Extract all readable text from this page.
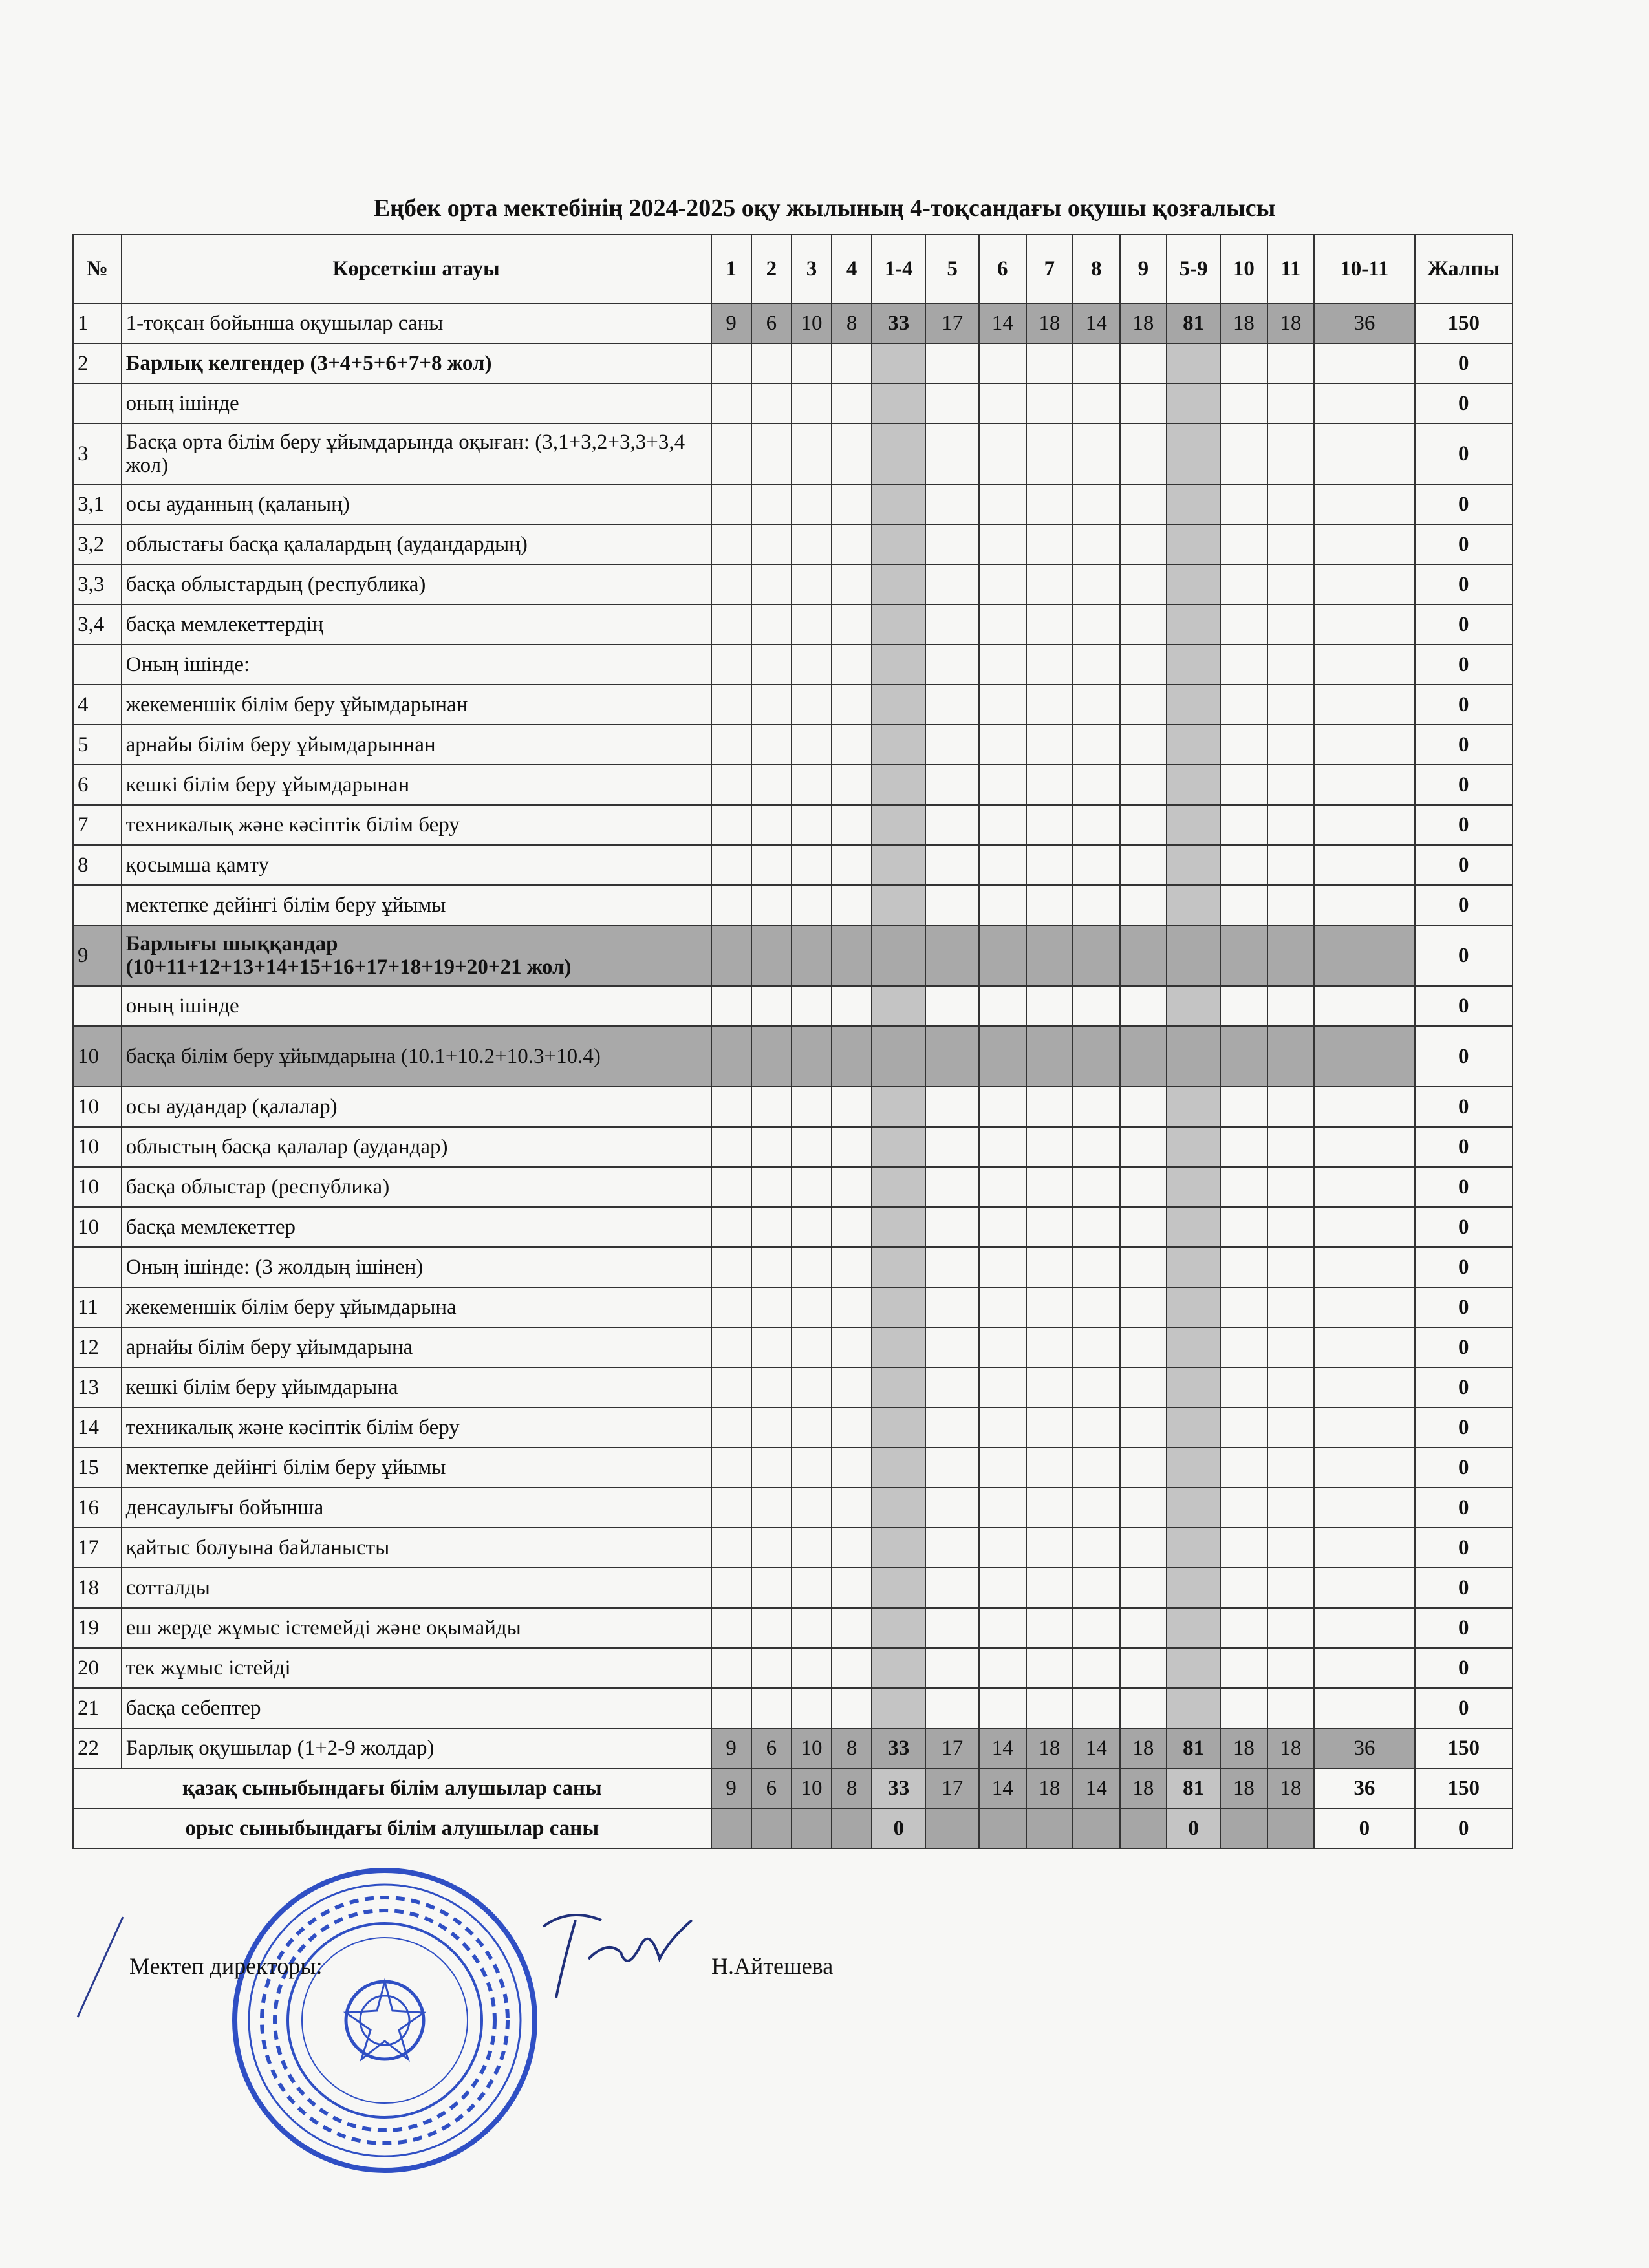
Еңбек орта мектебінің 2024-2025 оқу жылының 4-тоқсандағы оқушы қозғалысы
№	Көрсеткіш атауы	1	2	3	4	1-4	5	6	7	8	9	5-9	10	11	10-11	Жалпы
1	1-тоқсан бойынша оқушылар саны	9	6	10	8	33	17	14	18	14	18	81	18	18	36	150
2	Барлық келгендер (3+4+5+6+7+8 жол)															0
	оның ішінде															0
3	Басқа орта білім беру ұйымдарында оқыған: (3,1+3,2+3,3+3,4 жол)															0
3,1	осы ауданның (қаланың)															0
3,2	облыстағы басқа қалалардың (аудандардың)															0
3,3	басқа облыстардың (республика)															0
3,4	басқа мемлекеттердің															0
	Оның ішінде:															0
4	жекеменшік білім беру ұйымдарынан															0
5	арнайы білім беру ұйымдарыннан															0
6	кешкі білім беру ұйымдарынан															0
7	техникалық және кәсіптік білім беру															0
8	қосымша қамту															0
	мектепке дейінгі білім беру ұйымы															0
9	Барлығы шыққандар (10+11+12+13+14+15+16+17+18+19+20+21 жол)															0
	оның ішінде															0
10	басқа білім беру ұйымдарына (10.1+10.2+10.3+10.4)															0
10	осы аудандар (қалалар)															0
10	облыстың басқа қалалар (аудандар)															0
10	басқа облыстар (республика)															0
10	басқа мемлекеттер															0
	Оның ішінде: (3 жолдың ішінен)															0
11	жекеменшік білім беру ұйымдарына															0
12	арнайы білім беру ұйымдарына															0
13	кешкі білім беру ұйымдарына															0
14	техникалық және кәсіптік білім беру															0
15	мектепке дейінгі білім беру ұйымы															0
16	денсаулығы бойынша															0
17	қайтыс болуына байланысты															0
18	сотталды															0
19	еш жерде жұмыс істемейді және оқымайды															0
20	тек жұмыс істейді															0
21	басқа себептер															0
22	Барлық оқушылар (1+2-9 жолдар)	9	6	10	8	33	17	14	18	14	18	81	18	18	36	150
қазақ сыныбындағы білім алушылар саны		9	6	10	8	33	17	14	18	14	18	81	18	18	36	150
орыс сыныбындағы білім алушылар саны						0						0			0	0
Мектеп директоры:	Н.Айтешева
